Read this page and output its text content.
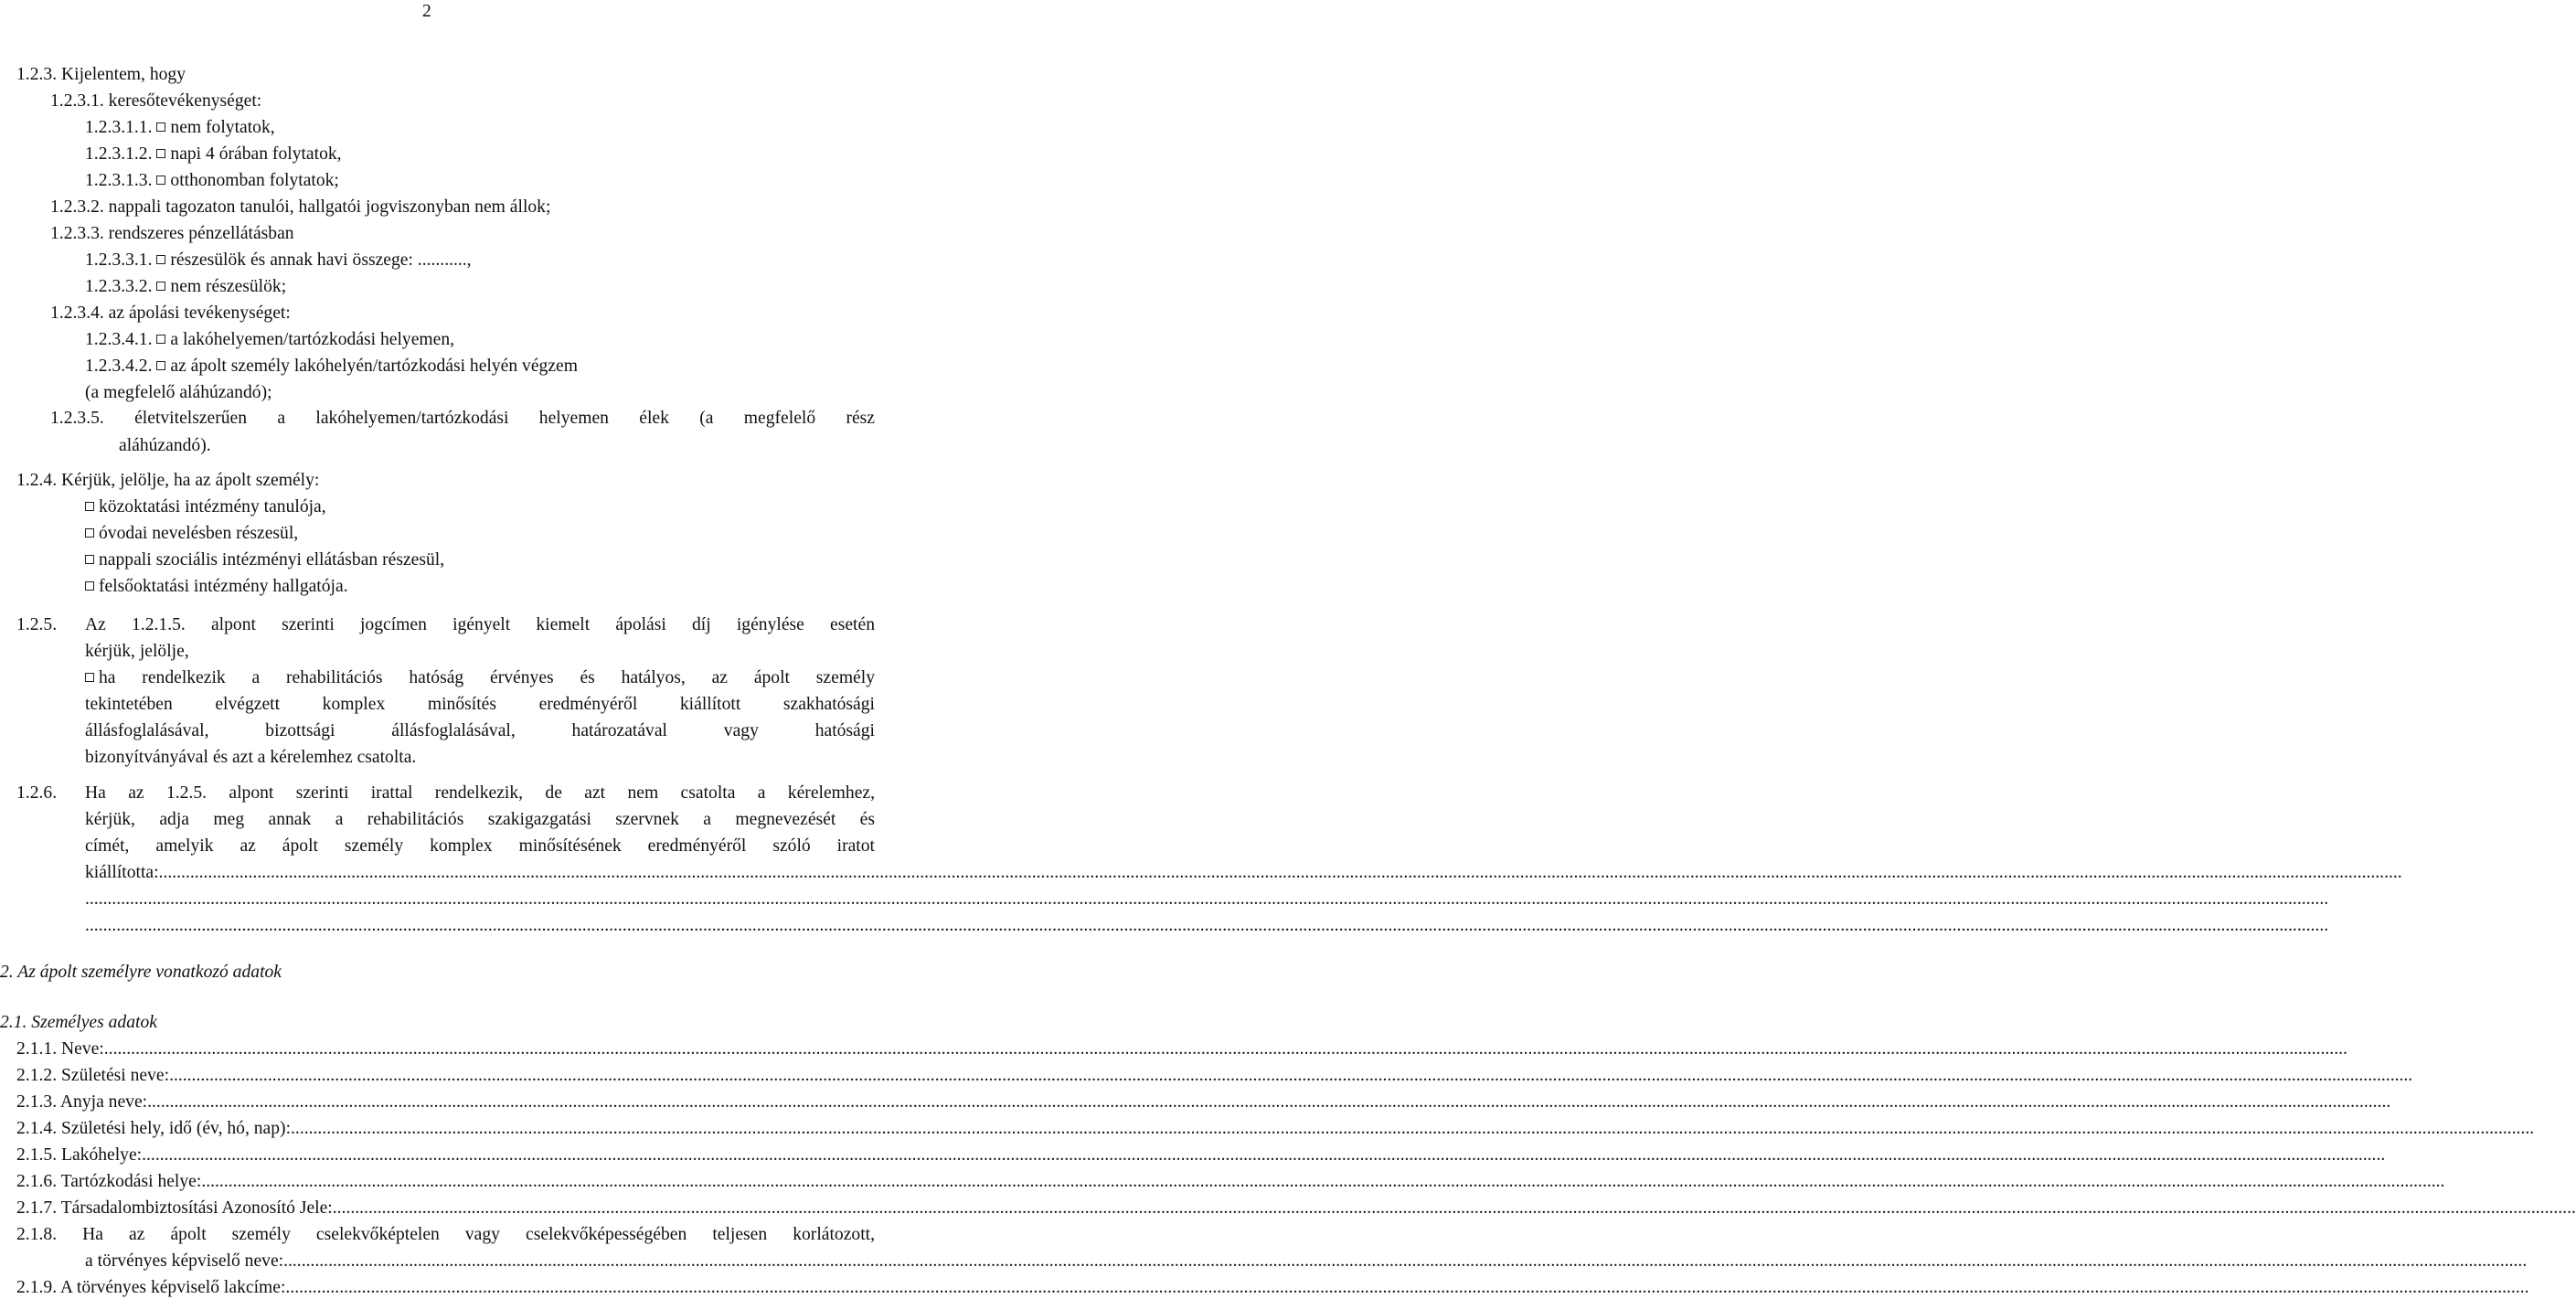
2
1.2.3. Kijelentem, hogy
1.2.3.1. keresőtevékenységet:
1.2.3.1.1. nem folytatok,
1.2.3.1.2. napi 4 órában folytatok,
1.2.3.1.3. otthonomban folytatok;
1.2.3.2. nappali tagozaton tanulói, hallgatói jogviszonyban nem állok;
1.2.3.3. rendszeres pénzellátásban
1.2.3.3.1. részesülök és annak havi összege: ...........,
1.2.3.3.2. nem részesülök;
1.2.3.4. az ápolási tevékenységet:
1.2.3.4.1. a lakóhelyemen/tartózkodási helyemen,
1.2.3.4.2. az ápolt személy lakóhelyén/tartózkodási helyén végzem
(a megfelelő aláhúzandó);
1.2.3.5. életvitelszerűen a lakóhelyemen/tartózkodási helyemen élek (a megfelelő rész
aláhúzandó).
1.2.4. Kérjük, jelölje, ha az ápolt személy:
közoktatási intézmény tanulója,
óvodai nevelésben részesül,
nappali szociális intézményi ellátásban részesül,
felsőoktatási intézmény hallgatója.
1.2.5. Az 1.2.1.5. alpont szerinti jogcímen igényelt kiemelt ápolási díj igénylése esetén
kérjük, jelölje,
ha rendelkezik a rehabilitációs hatóság érvényes és hatályos, az ápolt személy
tekintetében elvégzett komplex minősítés eredményéről kiállított szakhatósági
állásfoglalásával, bizottsági állásfoglalásával, határozatával vagy hatósági
bizonyítványával és azt a kérelemhez csatolta.
1.2.6. Ha az 1.2.5. alpont szerinti irattal rendelkezik, de azt nem csatolta a kérelemhez,
kérjük, adja meg annak a rehabilitációs szakigazgatási szervnek a megnevezését és
címét, amelyik az ápolt személy komplex minősítésének eredményéről szóló iratot
kiállította: .....................................................................................................................................................................................................................................................................................................................................................................................................................................................................................................................
.....................................................................................................................................................................................................................................................................................................................................................................................................................................................................................................................
.....................................................................................................................................................................................................................................................................................................................................................................................................................................................................................................................
2. Az ápolt személyre vonatkozó adatok
2.1. Személyes adatok
2.1.1. Neve: .....................................................................................................................................................................................................................................................................................................................................................................................................................................................................................................................
2.1.2. Születési neve: .....................................................................................................................................................................................................................................................................................................................................................................................................................................................................................................................
2.1.3. Anyja neve: .....................................................................................................................................................................................................................................................................................................................................................................................................................................................................................................................
2.1.4. Születési hely, idő (év, hó, nap): .....................................................................................................................................................................................................................................................................................................................................................................................................................................................................................................................
2.1.5. Lakóhelye: .....................................................................................................................................................................................................................................................................................................................................................................................................................................................................................................................
2.1.6. Tartózkodási helye: .....................................................................................................................................................................................................................................................................................................................................................................................................................................................................................................................
2.1.7. Társadalombiztosítási Azonosító Jele: .....................................................................................................................................................................................................................................................................................................................................................................................................................................................................................................................
2.1.8. Ha az ápolt személy cselekvőképtelen vagy cselekvőképességében teljesen korlátozott,
a törvényes képviselő neve: .....................................................................................................................................................................................................................................................................................................................................................................................................................................................................................................................
2.1.9. A törvényes képviselő lakcíme: .....................................................................................................................................................................................................................................................................................................................................................................................................................................................................................................................
